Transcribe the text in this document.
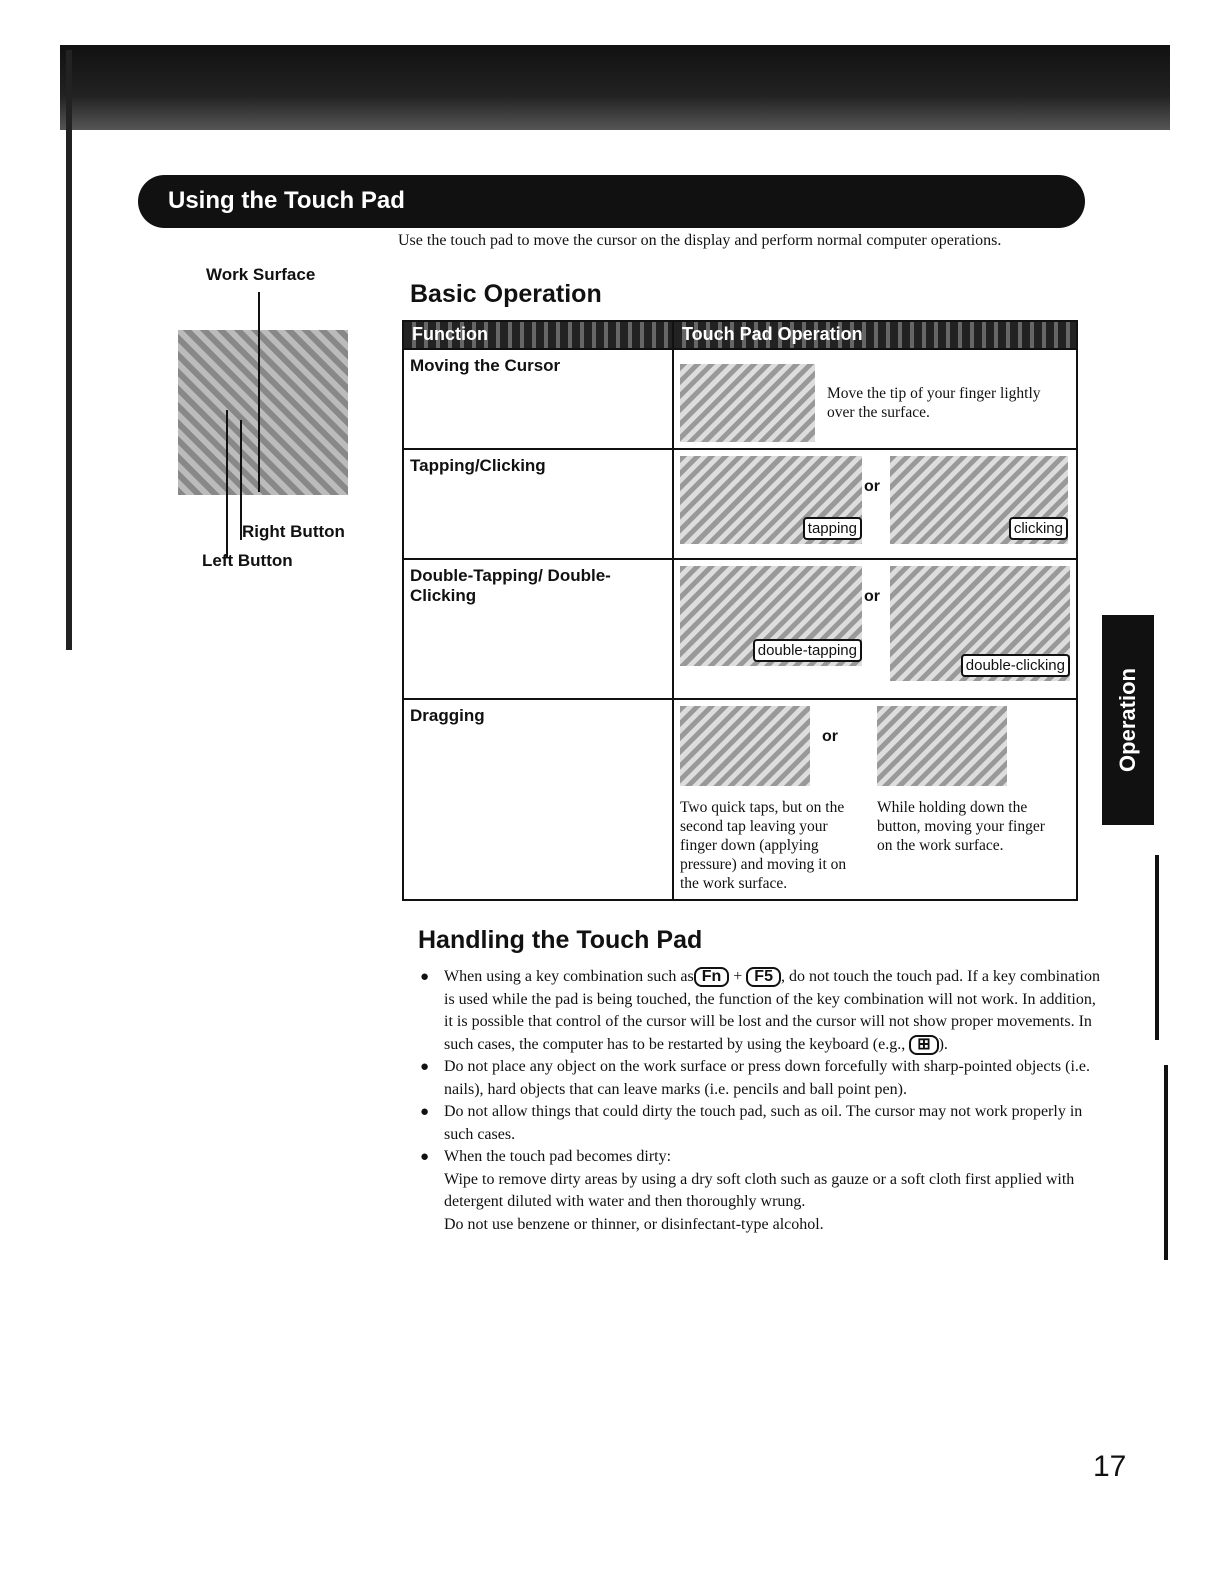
Using the Touch Pad
Use the touch pad to move the cursor on the display and perform normal computer operations.
Work Surface
Right Button
Left Button
Basic Operation
Function	Touch Pad Operation
Moving the Cursor	Move the tip of your finger lightly over the surface.

Tapping/Clicking	tapping
or
clicking

Double-Tapping/ Double-Clicking	double-tapping
or
double-clicking

Dragging	or
Two quick taps, but on the second tap leaving your finger down (applying pressure) and moving it on the work surface.
While holding down the button, moving your finger on the work surface.
Handling the Touch Pad
● When using a key combination such as Fn + F5 , do not touch the touch pad. If a key combination is used while the pad is being touched, the function of the key combination will not work. In addition, it is possible that control of the cursor will be lost and the cursor will not show proper movements. In such cases, the computer has to be restarted by using the keyboard (e.g., ⊞ ).
● Do not place any object on the work surface or press down forcefully with sharp-pointed objects (i.e. nails), hard objects that can leave marks (i.e. pencils and ball point pen).
● Do not allow things that could dirty the touch pad, such as oil. The cursor may not work properly in such cases.
● When the touch pad becomes dirty:
Wipe to remove dirty areas by using a dry soft cloth such as gauze or a soft cloth first applied with detergent diluted with water and then thoroughly wrung.
Do not use benzene or thinner, or disinfectant-type alcohol.
Operation
17
